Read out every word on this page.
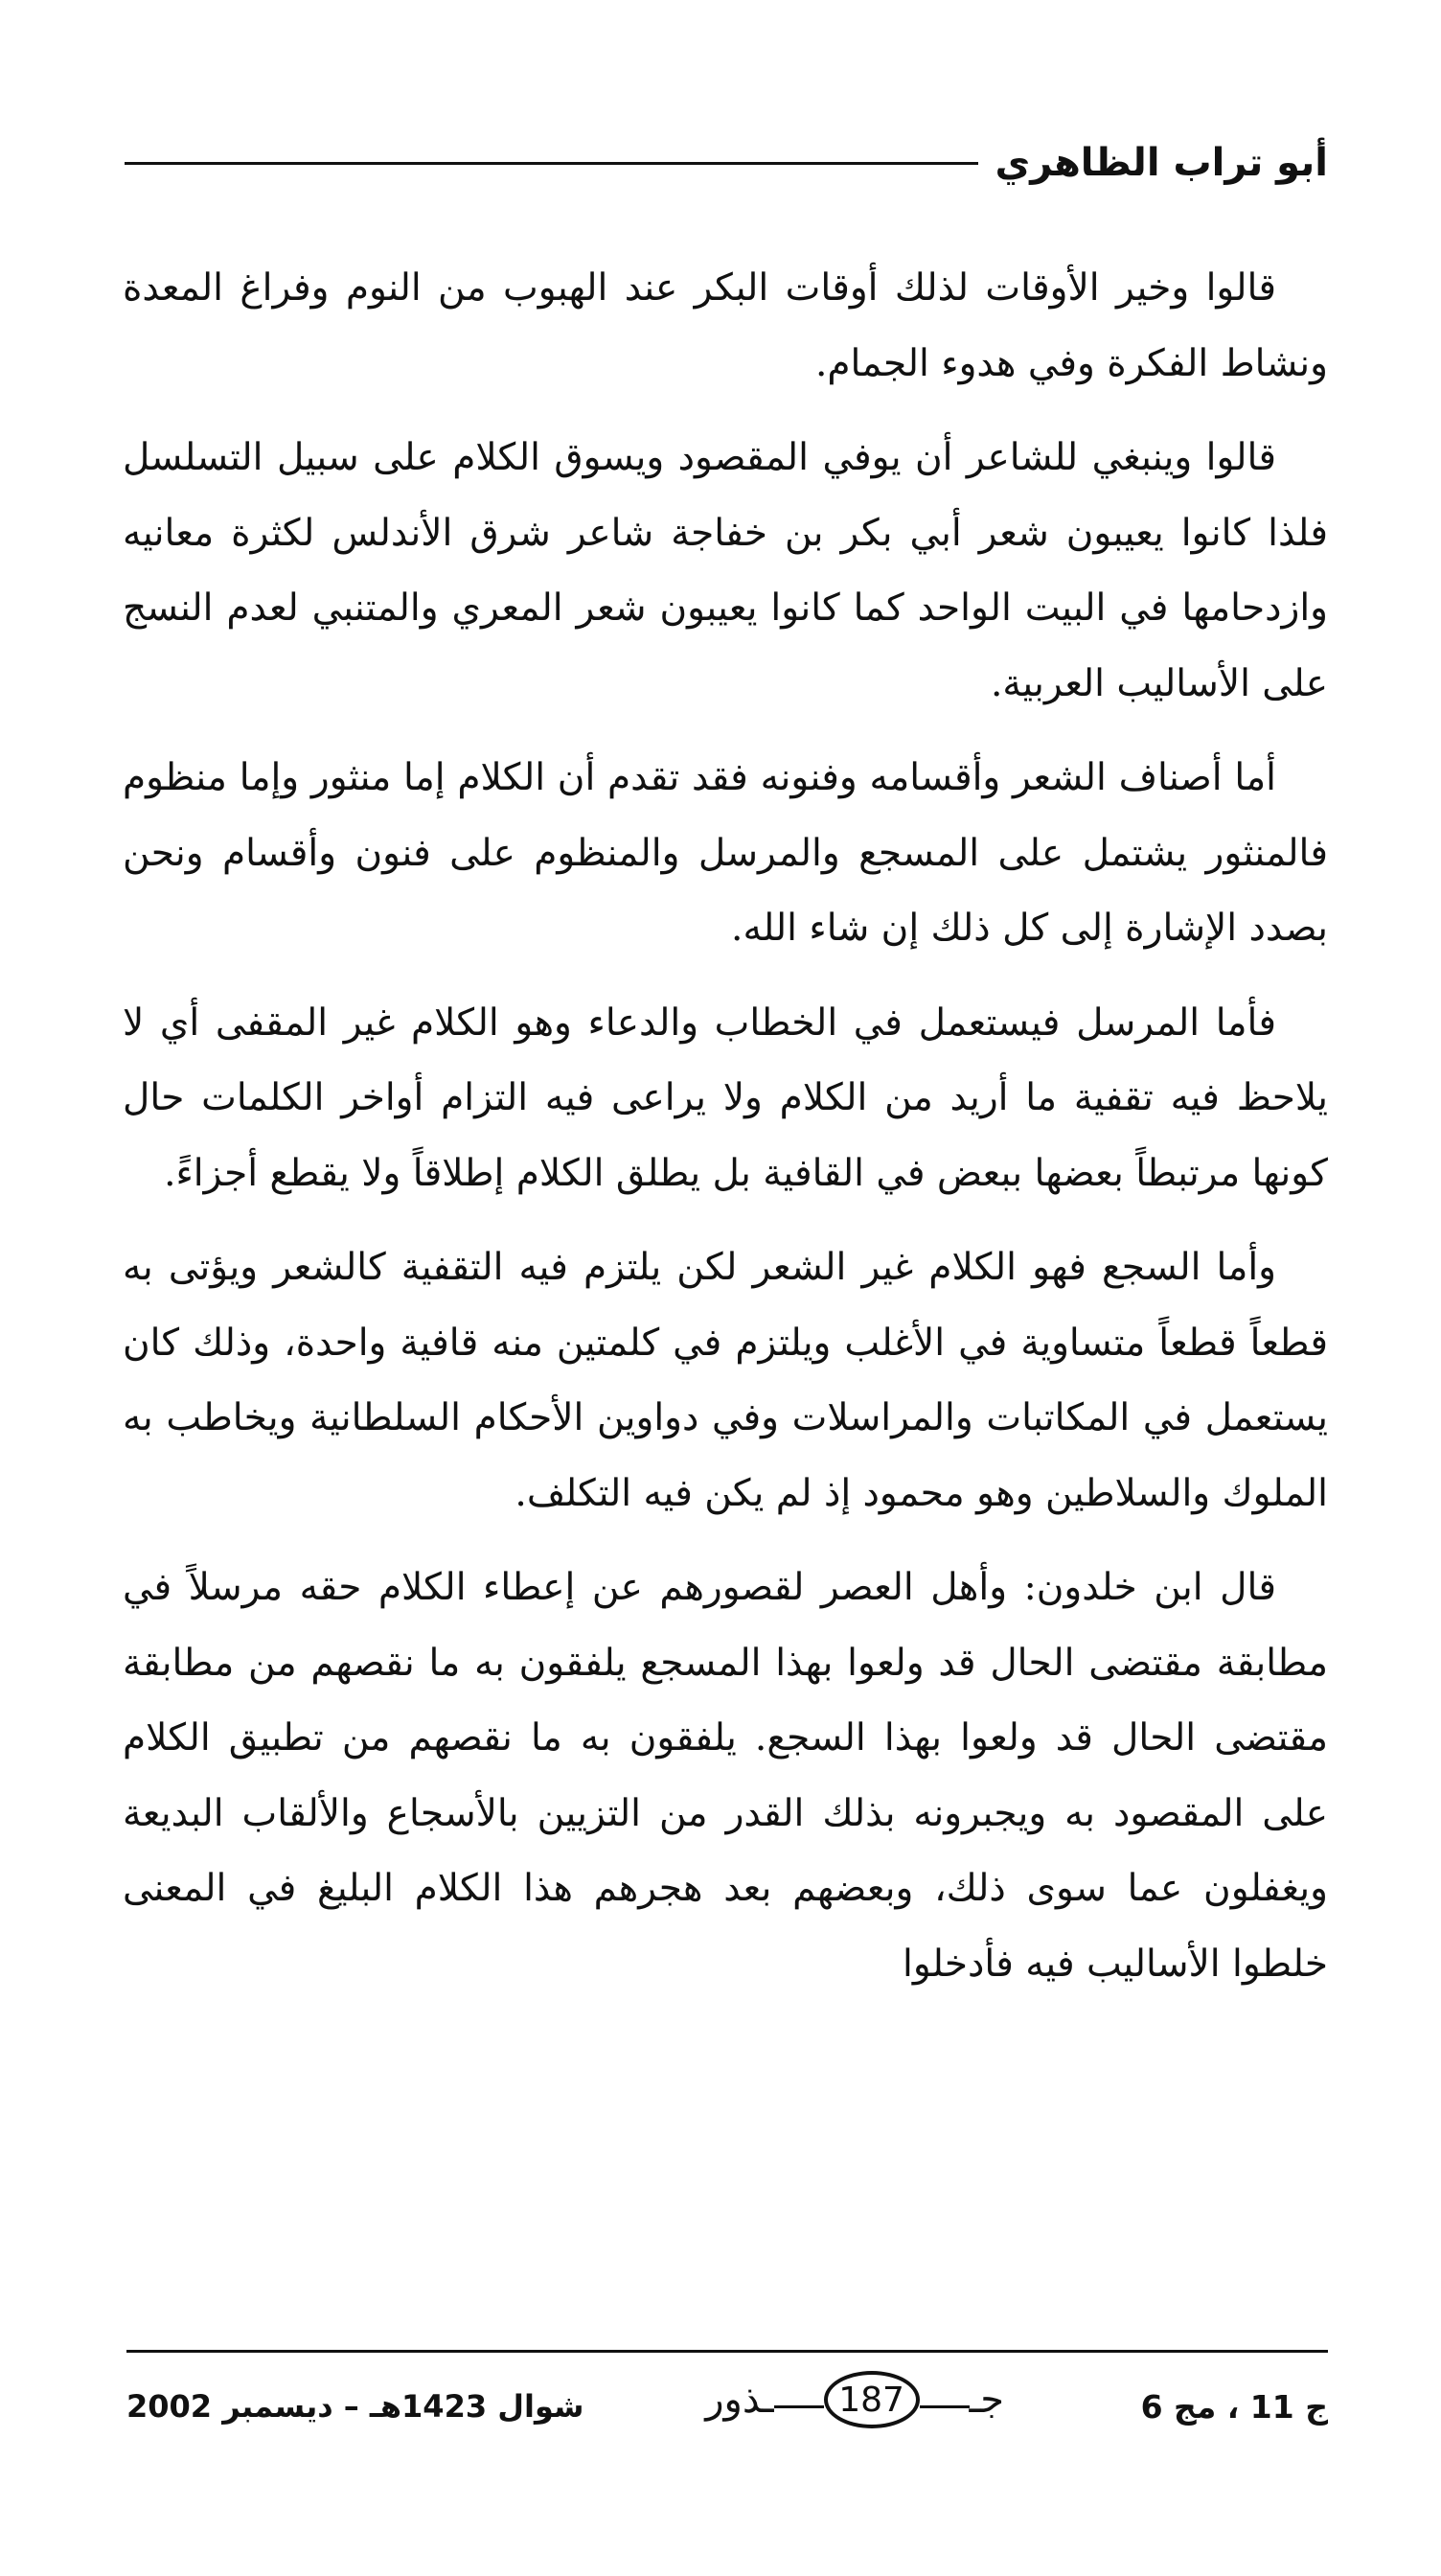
أبو تراب الظاهري

قالوا وخير الأوقات لذلك أوقات البكر عند الهبوب من النوم وفراغ المعدة ونشاط الفكرة وفي هدوء الجمام.

قالوا وينبغي للشاعر أن يوفي المقصود ويسوق الكلام على سبيل التسلسل فلذا كانوا يعيبون شعر أبي بكر بن خفاجة شاعر شرق الأندلس لكثرة معانيه وازدحامها في البيت الواحد كما كانوا يعيبون شعر المعري والمتنبي لعدم النسج على الأساليب العربية.

أما أصناف الشعر وأقسامه وفنونه فقد تقدم أن الكلام إما منثور وإما منظوم فالمنثور يشتمل على المسجع والمرسل والمنظوم على فنون وأقسام ونحن بصدد الإشارة إلى كل ذلك إن شاء الله.

فأما المرسل فيستعمل في الخطاب والدعاء وهو الكلام غير المقفى أي لا يلاحظ فيه تقفية ما أريد من الكلام ولا يراعى فيه التزام أواخر الكلمات حال كونها مرتبطاً بعضها ببعض في القافية بل يطلق الكلام إطلاقاً ولا يقطع أجزاءً.

وأما السجع فهو الكلام غير الشعر لكن يلتزم فيه التقفية كالشعر ويؤتى به قطعاً قطعاً متساوية في الأغلب ويلتزم في كلمتين منه قافية واحدة، وذلك كان يستعمل في المكاتبات والمراسلات وفي دواوين الأحكام السلطانية ويخاطب به الملوك والسلاطين وهو محمود إذ لم يكن فيه التكلف.

قال ابن خلدون: وأهل العصر لقصورهم عن إعطاء الكلام حقه مرسلاً في مطابقة مقتضى الحال قد ولعوا بهذا المسجع يلفقون به ما نقصهم من مطابقة مقتضى الحال قد ولعوا بهذا السجع. يلفقون به ما نقصهم من تطبيق الكلام على المقصود به ويجبرونه بذلك القدر من التزيين بالأسجاع والألقاب البديعة ويغفلون عما سوى ذلك، وبعضهم بعد هجرهم هذا الكلام البليغ في المعنى خلطوا الأساليب فيه فأدخلوا

ج 11 ، مج 6
جـ
187
ـذور
شوال 1423هـ – ديسمبر 2002
